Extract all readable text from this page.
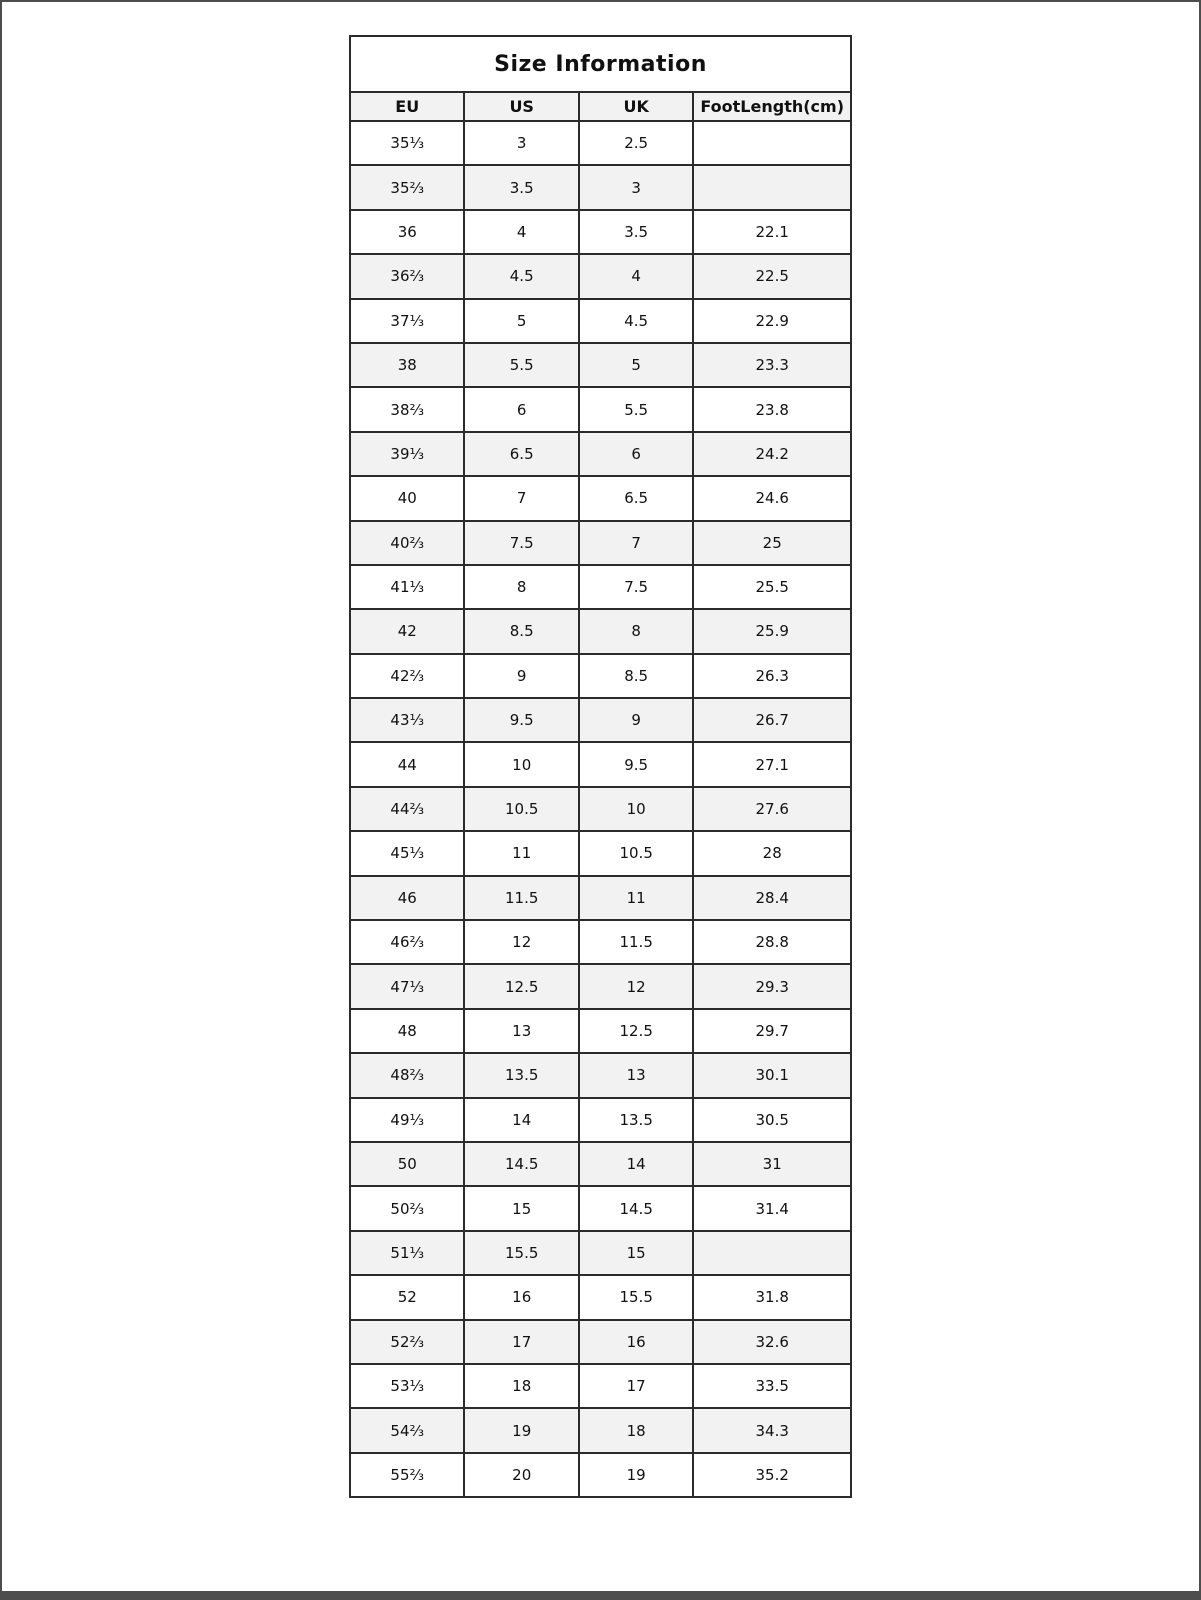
Size Information			
EU	US	UK	FootLength(cm)
35⅓	3	2.5	
35⅔	3.5	3	
36	4	3.5	22.1
36⅔	4.5	4	22.5
37⅓	5	4.5	22.9
38	5.5	5	23.3
38⅔	6	5.5	23.8
39⅓	6.5	6	24.2
40	7	6.5	24.6
40⅔	7.5	7	25
41⅓	8	7.5	25.5
42	8.5	8	25.9
42⅔	9	8.5	26.3
43⅓	9.5	9	26.7
44	10	9.5	27.1
44⅔	10.5	10	27.6
45⅓	11	10.5	28
46	11.5	11	28.4
46⅔	12	11.5	28.8
47⅓	12.5	12	29.3
48	13	12.5	29.7
48⅔	13.5	13	30.1
49⅓	14	13.5	30.5
50	14.5	14	31
50⅔	15	14.5	31.4
51⅓	15.5	15	
52	16	15.5	31.8
52⅔	17	16	32.6
53⅓	18	17	33.5
54⅔	19	18	34.3
55⅔	20	19	35.2
